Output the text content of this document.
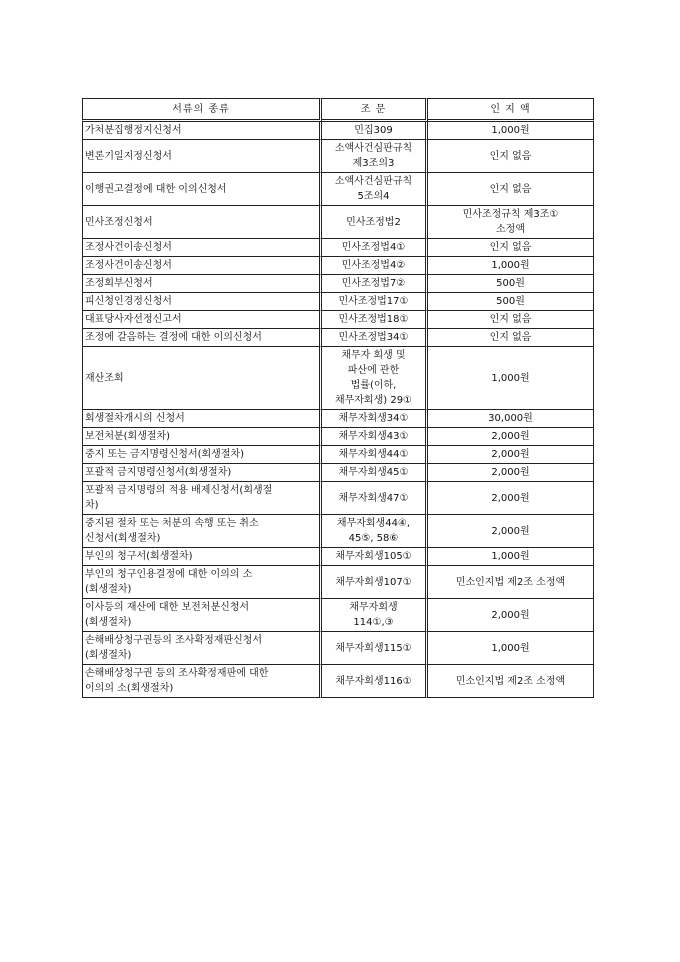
서류의 종류	조 문	인 지 액

가처분집행정지신청서	민집309	1,000원

변론기일지정신청서	소액사건심판규칙
제3조의3	인지 없음

이행권고결정에 대한 이의신청서	소액사건심판규칙
5조의4	인지 없음

민사조정신청서	민사조정법2	민사조정규칙 제3조①
소정액

조정사건이송신청서	민사조정법4①	인지 없음

조정사건이송신청서	민사조정법4②	1,000원

조정회부신청서	민사조정법7②	500원

피신청인경정신청서	민사조정법17①	500원

대표당사자선정신고서	민사조정법18①	인지 없음

조정에 갈음하는 결정에 대한 이의신청서	민사조정법34①	인지 없음

재산조회	채무자 회생 및
파산에 관한
법률(이하,
채무자회생) 29①	1,000원

회생절차개시의 신청서	채무자회생34①	30,000원

보전처분(회생절차)	채무자회생43①	2,000원

중지 또는 금지명령신청서(회생절차)	채무자회생44①	2,000원

포괄적 금지명령신청서(회생절차)	채무자회생45①	2,000원

포괄적 금지명령의 적용 배제신청서(회생절
차)	채무자회생47①	2,000원

중지된 절차 또는 처분의 속행 또는 취소
신청서(회생절차)	채무자회생44④,
45⑤, 58⑥	2,000원

부인의 청구서(회생절차)	채무자회생105①	1,000원

부인의 청구인용결정에 대한 이의의 소
(회생절차)	채무자회생107①	민소인지법 제2조 소정액

이사등의 재산에 대한 보전처분신청서
(회생절차)	채무자회생
114①,③	2,000원

손해배상청구권등의 조사확정재판신청서
(회생절차)	채무자회생115①	1,000원

손해배상청구권 등의 조사확정재판에 대한
이의의 소(회생절차)	채무자회생116①	민소인지법 제2조 소정액
